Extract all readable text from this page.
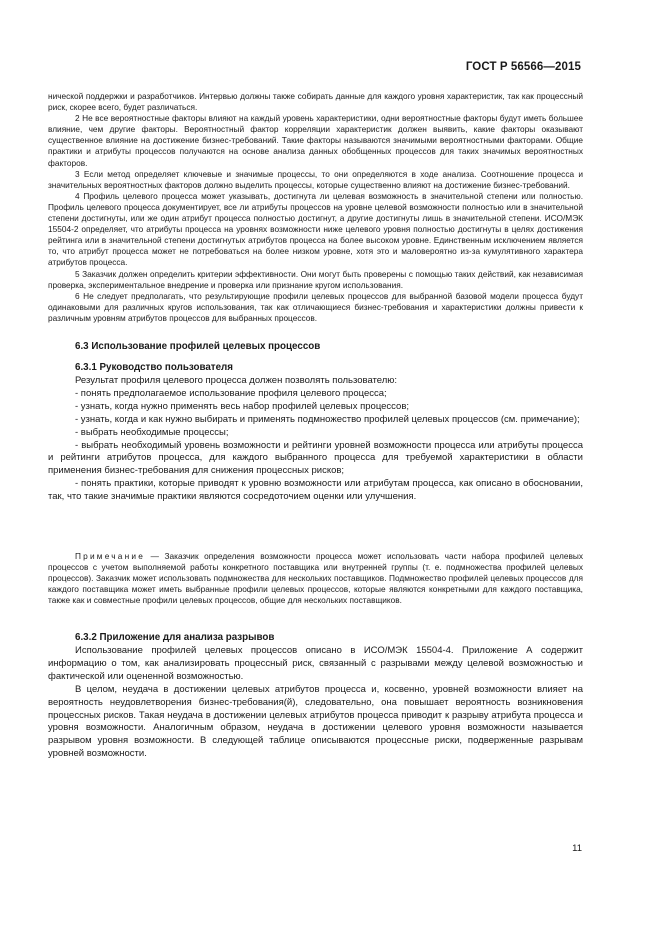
ГОСТ Р 56566—2015

нической поддержки и разработчиков. Интервью должны также собирать данные для каждого уровня характеристик, так как процессный риск, скорее всего, будет различаться.

2 Не все вероятностные факторы влияют на каждый уровень характеристики, одни вероятностные факторы будут иметь большее влияние, чем другие факторы. Вероятностный фактор корреляции характеристик должен выявить, какие факторы оказывают существенное влияние на достижение бизнес-требований. Такие факторы называются значимыми вероятностными факторами. Общие практики и атрибуты процессов получаются на основе анализа данных обобщенных процессов для таких значимых вероятностных факторов.

3 Если метод определяет ключевые и значимые процессы, то они определяются в ходе анализа. Соотношение процесса и значительных вероятностных факторов должно выделить процессы, которые существенно влияют на достижение бизнес-требований.

4 Профиль целевого процесса может указывать, достигнута ли целевая возможность в значительной степени или полностью. Профиль целевого процесса документирует, все ли атрибуты процессов на уровне целевой возможности полностью или в значительной степени достигнуты, или же один атрибут процесса полностью достигнут, а другие достигнуты лишь в значительной степени. ИСО/МЭК 15504-2 определяет, что атрибуты процесса на уровнях возможности ниже целевого уровня полностью достигнуты в целях достижения рейтинга или в значительной степени достигнутых атрибутов процесса на более высоком уровне. Единственным исключением является то, что атрибут процесса может не потребоваться на более низком уровне, хотя это и маловероятно из-за кумулятивного характера атрибутов процесса.

5 Заказчик должен определить критерии эффективности. Они могут быть проверены с помощью таких действий, как независимая проверка, экспериментальное внедрение и проверка или признание кругом использования.

6 Не следует предполагать, что результирующие профили целевых процессов для выбранной базовой модели процесса будут одинаковыми для различных кругов использования, так как отличающиеся бизнес-требования и характеристики должны привести к различным уровням атрибутов процессов для выбранных процессов.

6.3 Использование профилей целевых процессов
6.3.1 Руководство пользователя

Результат профиля целевого процесса должен позволять пользователю:

- понять предполагаемое использование профиля целевого процесса;

- узнать, когда нужно применять весь набор профилей целевых процессов;

- узнать, когда и как нужно выбирать и применять подмножество профилей целевых процессов (см. примечание);

- выбрать необходимые процессы;

- выбрать необходимый уровень возможности и рейтинги уровней возможности процесса или атрибуты процесса и рейтинги атрибутов процесса, для каждого выбранного процесса для требуемой характеристики в области применения бизнес-требования для снижения процессных рисков;

- понять практики, которые приводят к уровню возможности или атрибутам процесса, как описано в обосновании, так, что такие значимые практики являются сосредоточием оценки или улучшения.

Примечание — Заказчик определения возможности процесса может использовать части набора профилей целевых процессов с учетом выполняемой работы конкретного поставщика или внутренней группы (т. е. подмножества профилей целевых процессов). Заказчик может использовать подмножества для нескольких поставщиков. Подмножество профилей целевых процессов для каждого поставщика может иметь выбранные профили целевых процессов, которые являются конкретными для каждого поставщика, также как и совместные профили целевых процессов, общие для нескольких поставщиков.

6.3.2 Приложение для анализа разрывов

Использование профилей целевых процессов описано в ИСО/МЭК 15504-4. Приложение А содержит информацию о том, как анализировать процессный риск, связанный с разрывами между целевой возможностью и фактической или оцененной возможностью.

В целом, неудача в достижении целевых атрибутов процесса и, косвенно, уровней возможности влияет на вероятность неудовлетворения бизнес-требования(й), следовательно, она повышает вероятность возникновения процессных рисков. Такая неудача в достижении целевых атрибутов процесса приводит к разрыву атрибута процесса и уровня возможности. Аналогичным образом, неудача в достижении целевого уровня возможности называется разрывом уровня возможности. В следующей таблице описываются процессные риски, подверженные разрывам уровней возможности.

11
